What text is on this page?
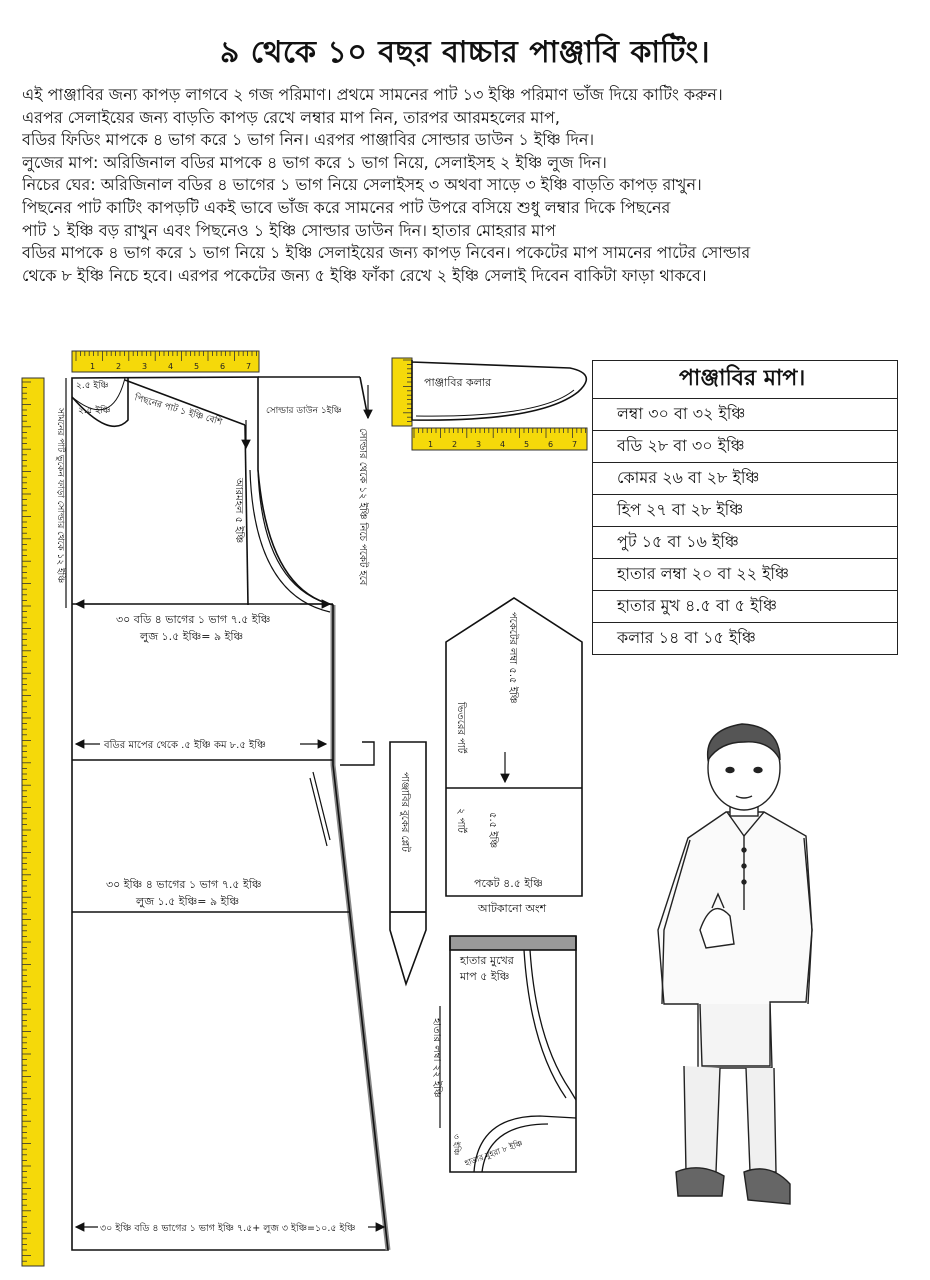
৯ থেকে ১০ বছর বাচ্চার পাঞ্জাবি কাটিং।
এই পাঞ্জাবির জন্য কাপড় লাগবে ২ গজ পরিমাণ। প্রথমে সামনের পাট ১৩ ইঞ্চি পরিমাণ ভাঁজ দিয়ে কাটিং করুন।
এরপর সেলাইয়ের জন্য বাড়তি কাপড় রেখে লম্বার মাপ নিন, তারপর আরমহলের মাপ,
বডির ফিডিং মাপকে ৪ ভাগ করে ১ ভাগ নিন। এরপর পাঞ্জাবির সোল্ডার ডাউন ১ ইঞ্চি দিন।
লুজের মাপ: অরিজিনাল বডির মাপকে ৪ ভাগ করে ১ ভাগ নিয়ে, সেলাইসহ ২ ইঞ্চি লুজ দিন।
নিচের ঘের: অরিজিনাল বডির ৪ ভাগের ১ ভাগ নিয়ে সেলাইসহ ৩ অথবা সাড়ে ৩ ইঞ্চি বাড়তি কাপড় রাখুন।
পিছনের পাট কাটিং কাপড়টি একই ভাবে ভাঁজ করে সামনের পাট উপরে বসিয়ে শুধু লম্বার দিকে পিছনের
পাট ১ ইঞ্চি বড় রাখুন এবং পিছনেও ১ ইঞ্চি সোল্ডার ডাউন দিন। হাতার মোহরার মাপ
বডির মাপকে ৪ ভাগ করে ১ ভাগ নিয়ে ১ ইঞ্চি সেলাইয়ের জন্য কাপড় নিবেন। পকেটের মাপ সামনের পাটের সোল্ডার
থেকে ৮ ইঞ্চি নিচে হবে। এরপর পকেটের জন্য ৫ ইঞ্চি ফাঁকা রেখে ২ ইঞ্চি সেলাই দিবেন বাকিটা ফাড়া থাকবে।
1	2	3	4	5	6	7
২.৫ ইঞ্চি
২.৫ ইঞ্চি	পিছনের পাট ১ ইঞ্চি বেশি	সোল্ডার ডাউন ১ইঞ্চি
আরমহল ৫ ইঞ্চি
সামনের পাট ভুকেন ফাড়া সোল্ডার থেকে ১২ ইঞ্চি	সোল্ডার থেকে ১২ ইঞ্চি নিচে পকেট হবে
৩০ বডি ৪ ভাগের ১ ভাগ ৭.৫ ইঞ্চি
লুজ ১.৫ ইঞ্চি= ৯ ইঞ্চি
বডির মাপের থেকে .৫ ইঞ্চি কম ৮.৫ ইঞ্চি
৩০ ইঞ্চি ৪ ভাগের ১ ভাগ ৭.৫ ইঞ্চি
লুজ ১.৫ ইঞ্চি= ৯ ইঞ্চি
৩০ ইঞ্চি বডি ৪ ভাগের ১ ভাগ ইঞ্চি ৭.৫+ লুজ ৩ ইঞ্চি=১০.৫ ইঞ্চি
1 2 3 4 5 6 7
পাঞ্জাবির কলার
পাঞ্জাবির বুকের প্লেট
পকেটের লম্বা ৫.৫ ইঞ্চি
ভিতরের পার্ট
২ পার্ট ৫.৫ ইঞ্চি
পকেট ৪.৫ ইঞ্চি
আটকানো অংশ
হাতার মুখের
মাপ ৫ ইঞ্চি
হাতার লম্বা ২২ ইঞ্চি
হাতার মুহরা ৮ ইঞ্চি
৩ ইঞ্চি
পাঞ্জাবির মাপ।
লম্বা ৩০ বা ৩২ ইঞ্চি
বডি ২৮ বা ৩০ ইঞ্চি
কোমর ২৬ বা ২৮ ইঞ্চি
হিপ ২৭ বা ২৮ ইঞ্চি
পুট ১৫ বা ১৬ ইঞ্চি
হাতার লম্বা ২০ বা ২২ ইঞ্চি
হাতার মুখ ৪.৫ বা ৫ ইঞ্চি
কলার ১৪ বা ১৫ ইঞ্চি
